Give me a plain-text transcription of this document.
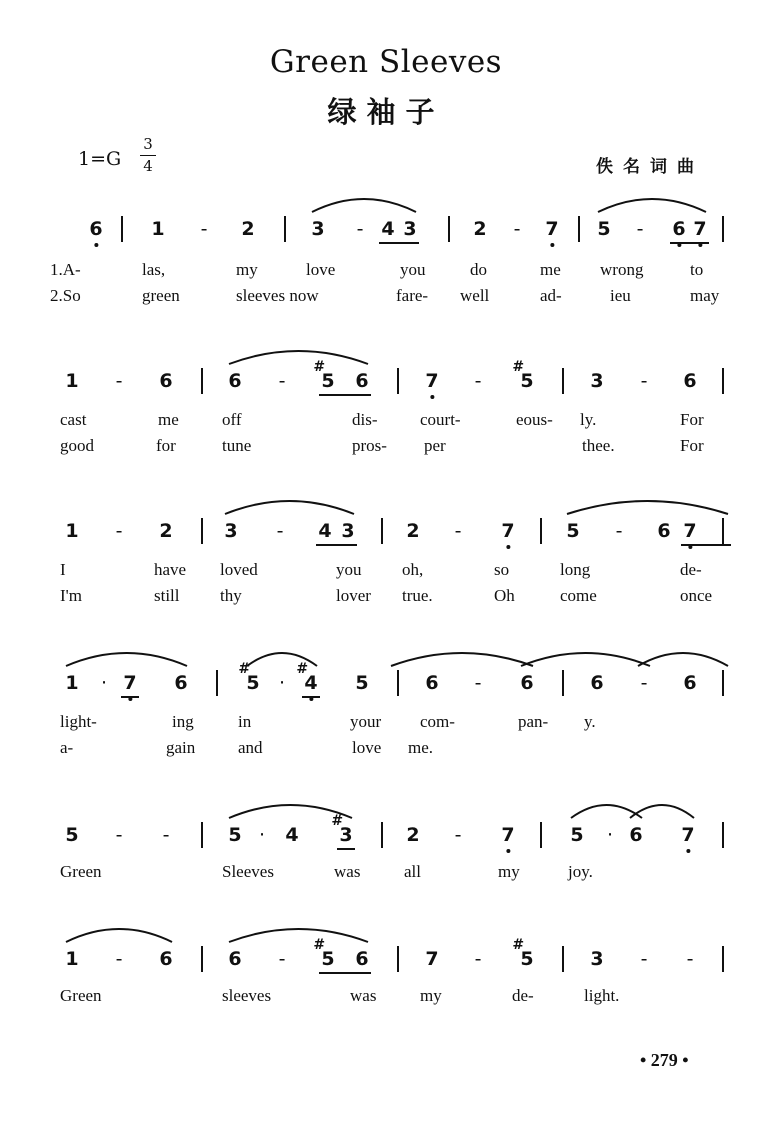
Green Sleeves
绿袖子
1=G
3
4	佚名词曲
6	1 - 2	3 - 4 3	2 - 7 5 - 6 7
1.A-	las,	my	love	you	do	me wrong	to
2.So	green	sleeves now	fare- well	ad-	ieu	may
1 - 6	6 - 5
#
6	7 - 5
#
3 - 6
cast	me	off	dis-	court-	eous- ly.	For
good	for	tune	pros- per	thee.	For
1 - 2	3 - 4 3	2 - 7	5 - 6 7
I	have loved	you oh,	so	long	de-
I'm	still thy	lover true.	Oh	come	once
1 · 7 6	5
#
· 4
#
5	6 - 6	6 - 6
light-	ing	in	your com-	pan- y.
a-	gain	and	love me.
5 - -	5 · 4 3
#
2 - 7	5 · 6 7
Green	Sleeves	was	all	my	joy.
1 - 6	6 - 5
#
6	7 - 5
#
3 - -
Green	sleeves	was	my	de-	light.
• 279 •
